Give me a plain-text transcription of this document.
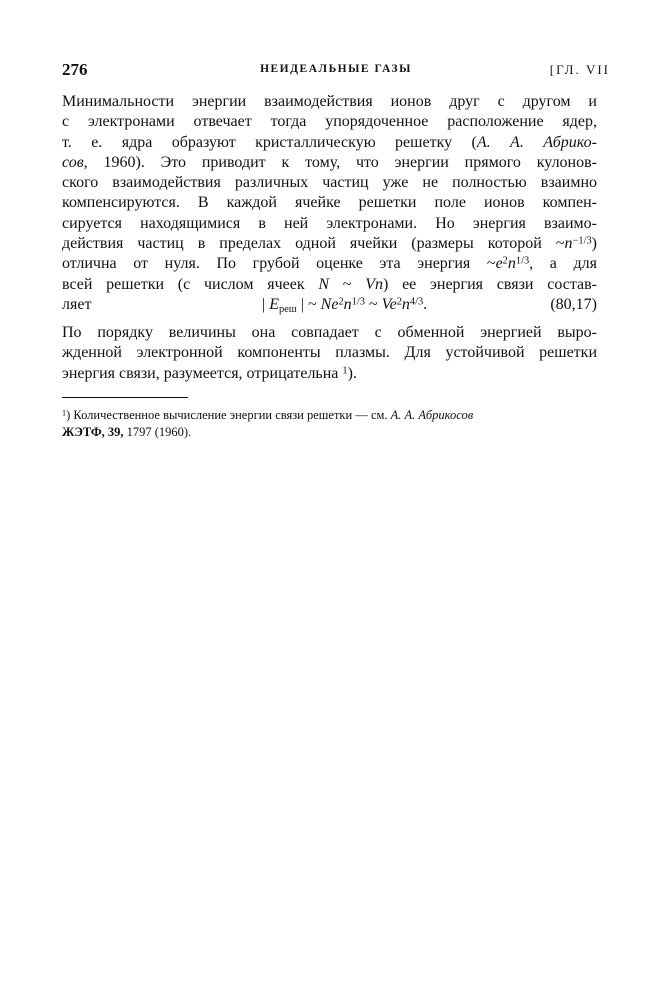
276	НЕИДЕАЛЬНЫЕ ГАЗЫ	[ГЛ. VII
Минимальности энергии взаимодействия ионов друг с другом и
с электронами отвечает тогда упорядоченное расположение ядер,
т. е. ядра образуют кристаллическую решетку (А. А. Абрико-
сов, 1960). Это приводит к тому, что энергии прямого кулонов-
ского взаимодействия различных частиц уже не полностью взаимно
компенсируются. В каждой ячейке решетки поле ионов компен-
сируется находящимися в ней электронами. Но энергия взаимо-
действия частиц в пределах одной ячейки (размеры которой $\sim n^{-1/3}$)
отлична от нуля. По грубой оценке эта энергия $\sim e^2n^{1/3}$, а для
всей решетки (с числом ячеек N ~ Vn) ее энергия связи состав-
ляет	| $E_{реш}$ | ~ $Ne^2n^{1/3}$ ~ $Ve^2n^{4/3}$.	(80,17)
По порядку величины она совпадает с обменной энергией выро-
жденной электронной компоненты плазмы. Для устойчивой решетки
энергия связи, разумеется, отрицательна $^1$).
$^1$) Количественное вычисление энергии связи решетки — см. А. А. Абрикосов
ЖЭТФ, 39, 1797 (1960).
